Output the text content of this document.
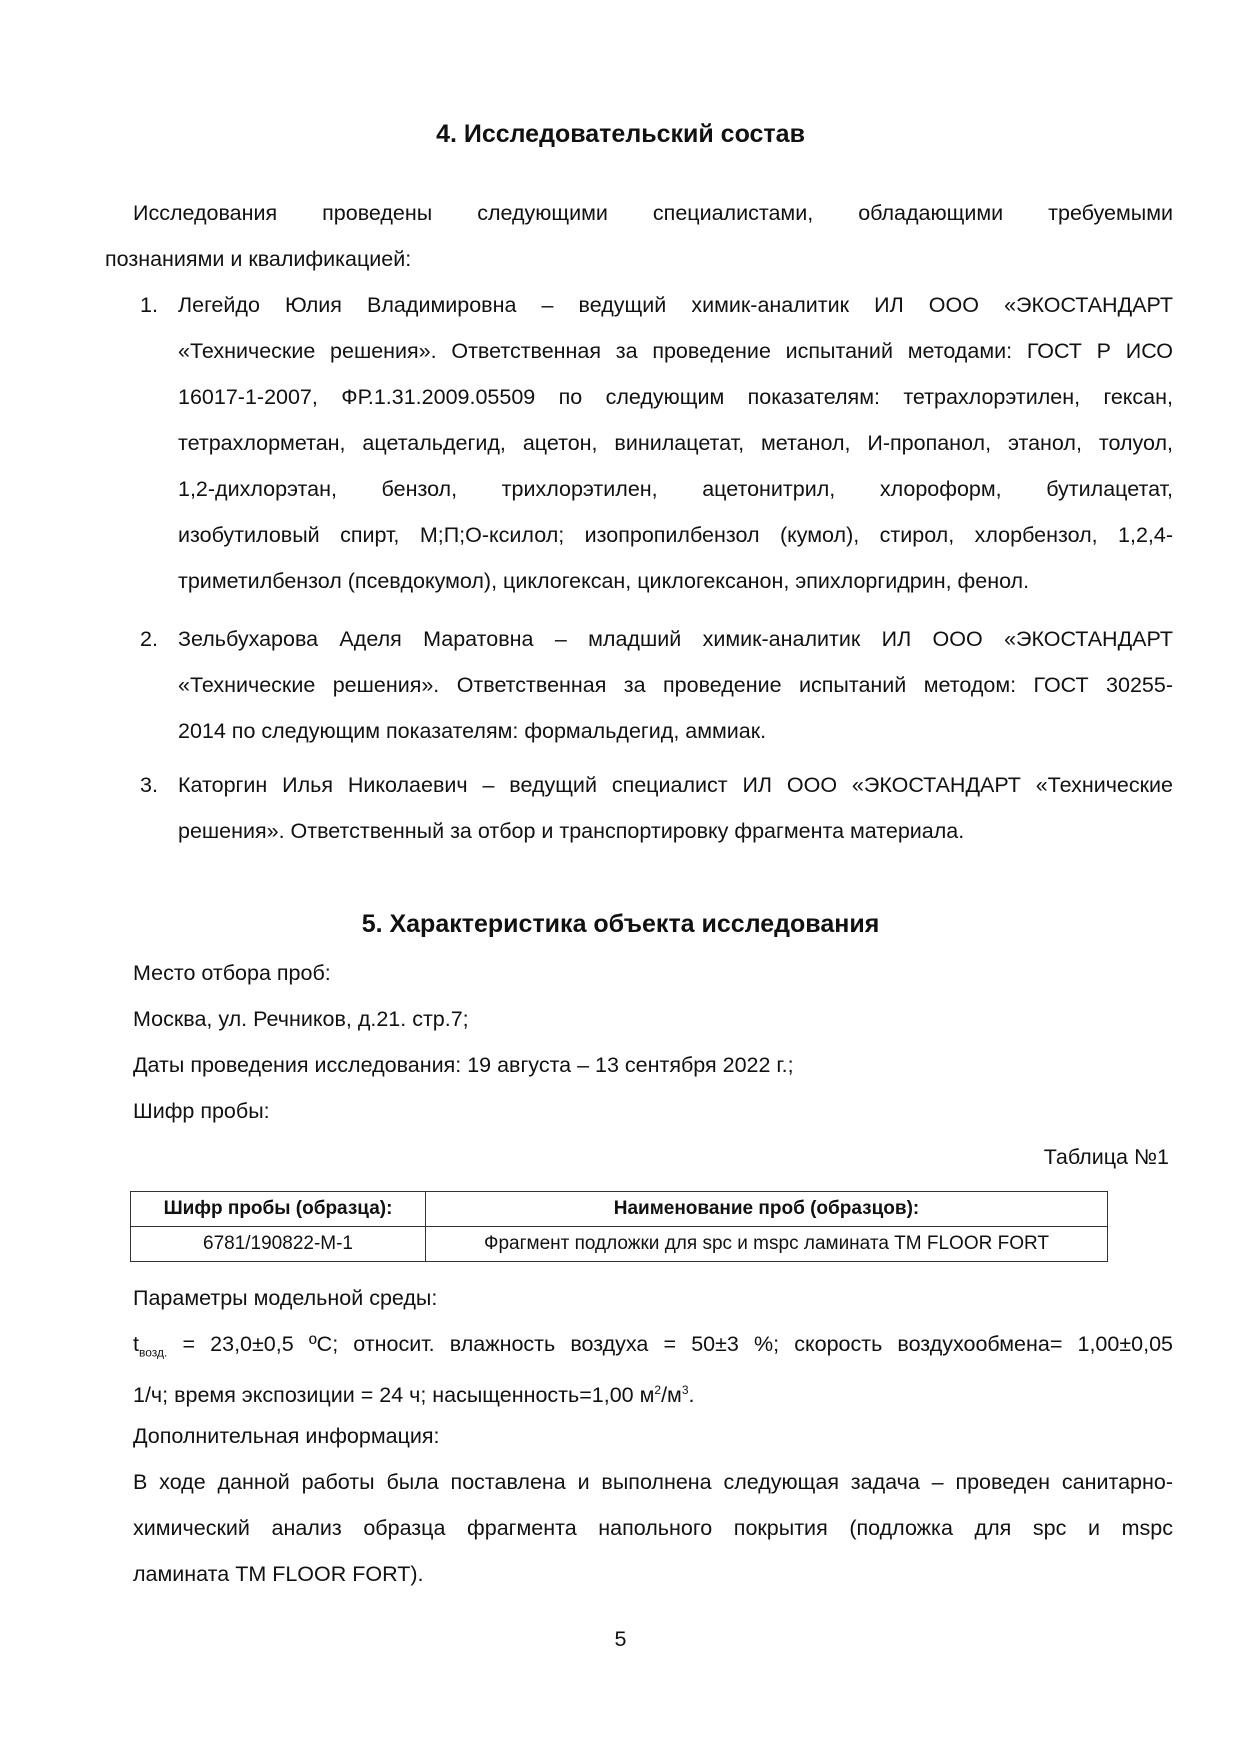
4. Исследовательский состав
Исследования проведены следующими специалистами, обладающими требуемыми
познаниями и квалификацией:
1. Легейдо Юлия Владимировна – ведущий химик-аналитик ИЛ ООО «ЭКОСТАНДАРТ
«Технические решения». Ответственная за проведение испытаний методами: ГОСТ Р ИСО
16017-1-2007, ФР.1.31.2009.05509 по следующим показателям: тетрахлорэтилен, гексан,
тетрахлорметан, ацетальдегид, ацетон, винилацетат, метанол, И-пропанол, этанол, толуол,
1,2-дихлорэтан, бензол, трихлорэтилен, ацетонитрил, хлороформ, бутилацетат,
изобутиловый спирт, М;П;О-ксилол; изопропилбензол (кумол), стирол, хлорбензол, 1,2,4-
триметилбензол (псевдокумол), циклогексан, циклогексанон, эпихлоргидрин, фенол.
2. Зельбухарова Аделя Маратовна – младший химик-аналитик ИЛ ООО «ЭКОСТАНДАРТ
«Технические решения». Ответственная за проведение испытаний методом: ГОСТ 30255-
2014 по следующим показателям: формальдегид, аммиак.
3. Каторгин Илья Николаевич – ведущий специалист ИЛ ООО «ЭКОСТАНДАРТ «Технические
решения». Ответственный за отбор и транспортировку фрагмента материала.
5. Характеристика объекта исследования
Место отбора проб:
Москва, ул. Речников, д.21. стр.7;
Даты проведения исследования: 19 августа – 13 сентября 2022 г.;
Шифр пробы:
Таблица №1
Шифр пробы (образца):	Наименование проб (образцов):
6781/190822-М-1	Фрагмент подложки для spc и mspc ламината ТМ FLOOR FORT
Параметры модельной среды:
$t_{возд.} = 23,0\pm 0,5$ ºС; относит. влажность воздуха = 50±3 %; скорость воздухообмена= 1,00±0,05
1/ч; время экспозиции = 24 ч; насыщенность=1,00 $м^2/м^3$.
Дополнительная информация:
В ходе данной работы была поставлена и выполнена следующая задача – проведен санитарно-
химический анализ образца фрагмента напольного покрытия (подложка для spc и mspc
ламината ТМ FLOOR FORT).
5
